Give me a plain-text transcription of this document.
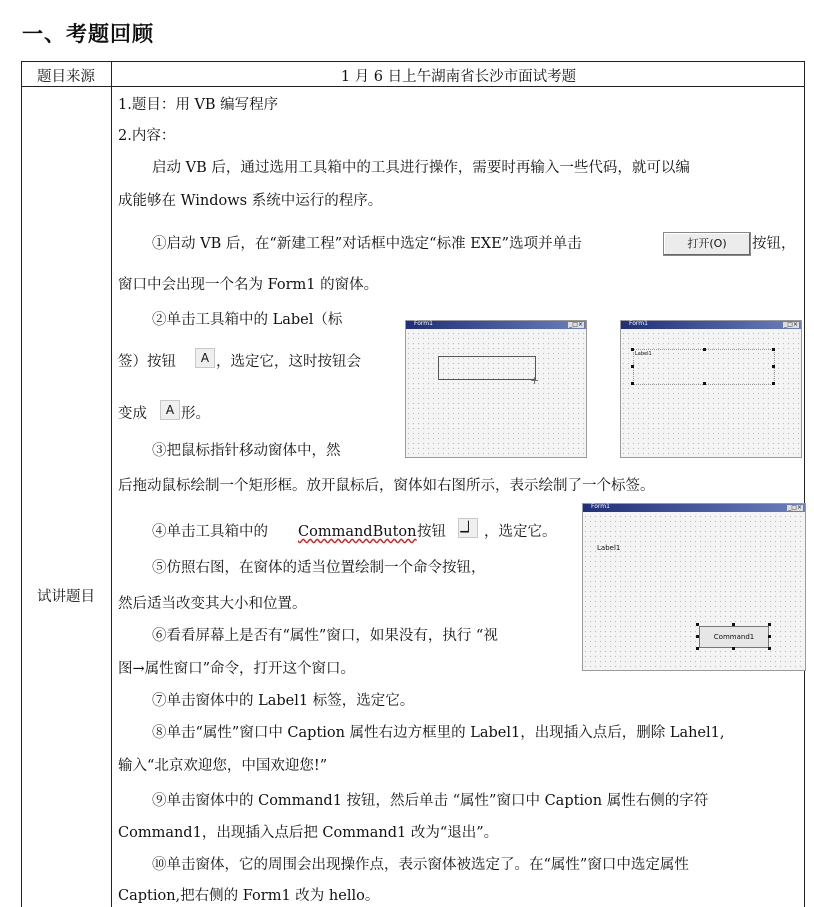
一、考题回顾
题目来源	1 月 6 日上午湖南省长沙市面试考题
试讲题目
1.题目：用 VB 编写程序
2.内容：
启动 VB 后，通过选用工具箱中的工具进行操作，需要时再输入一些代码，就可以编
成能够在 Windows 系统中运行的程序。
①启动 VB 后，在“新建工程”对话框中选定“标准 EXE”选项并单击	打开(O)	按钮，
窗口中会出现一个名为 Form1 的窗体。
②单击工具箱中的 Label（标
签）按钮	A ，选定它，这时按钮会
变成	A 形。
Form1	_□×
+
Form1	_□×
Label1
③把鼠标指针移动窗体中，然
后拖动鼠标绘制一个矩形框。放开鼠标后，窗体如右图所示，表示绘制了一个标签。
④单击工具箱中的 CommandButon 按钮 ▁▏ ，选定它。
⑤仿照右图，在窗体的适当位置绘制一个命令按钮，
然后适当改变其大小和位置。
⑥看看屏幕上是否有“属性”窗口，如果没有，执行 “视
图→属性窗口”命令，打开这个窗口。
Form1	_□×
Label1
Command1
⑦单击窗体中的 Label1 标签，选定它。
⑧单击“属性”窗口中 Caption 属性右边方框里的 Label1，出现插入点后，删除 Lahel1,
输入“北京欢迎您，中国欢迎您!”
⑨单击窗体中的 Command1 按钮，然后单击 “属性”窗口中 Caption 属性右侧的字符
Command1，出现插入点后把 Command1 改为“退出”。
⑩单击窗体，它的周围会出现操作点，表示窗体被选定了。在“属性”窗口中选定属性
Caption,把右侧的 Form1 改为 hello。
